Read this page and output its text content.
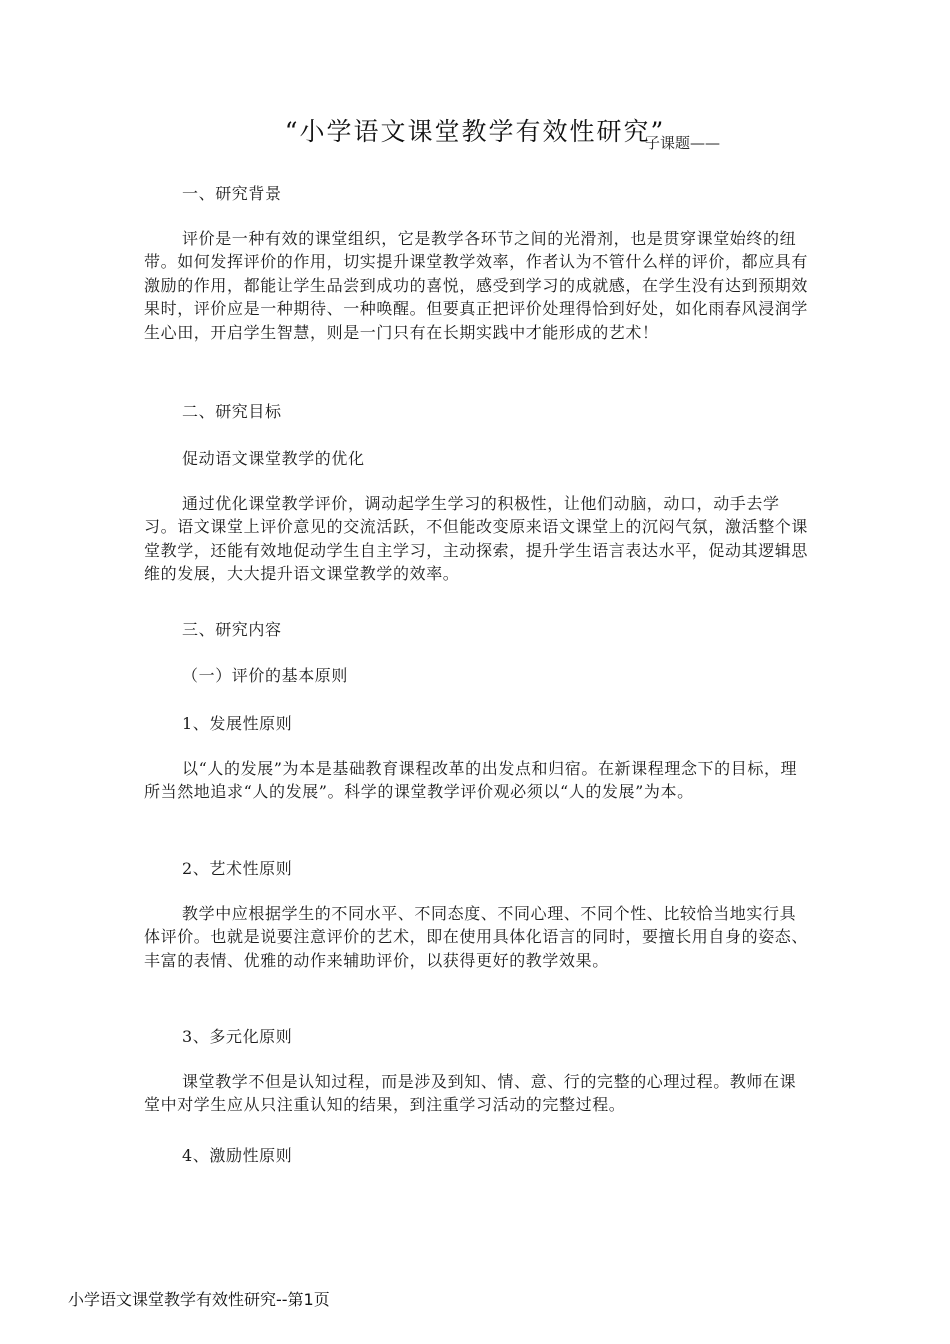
“小学语文课堂教学有效性研究”
子课题——
一、研究背景

评价是一种有效的课堂组织，它是教学各环节之间的光滑剂，也是贯穿课堂始终的纽带。如何发挥评价的作用，切实提升课堂教学效率，作者认为不管什么样的评价，都应具有激励的作用，都能让学生品尝到成功的喜悦，感受到学习的成就感，在学生没有达到预期效果时，评价应是一种期待、一种唤醒。但要真正把评价处理得恰到好处，如化雨春风浸润学生心田，开启学生智慧，则是一门只有在长期实践中才能形成的艺术！

二、研究目标
促动语文课堂教学的优化

通过优化课堂教学评价，调动起学生学习的积极性，让他们动脑，动口，动手去学习。语文课堂上评价意见的交流活跃，不但能改变原来语文课堂上的沉闷气氛，激活整个课堂教学，还能有效地促动学生自主学习，主动探索，提升学生语言表达水平，促动其逻辑思维的发展，大大提升语文课堂教学的效率。

三、研究内容
（一）评价的基本原则
1、发展性原则

以“人的发展”为本是基础教育课程改革的出发点和归宿。在新课程理念下的目标，理所当然地追求“人的发展”。科学的课堂教学评价观必须以“人的发展”为本。

2、艺术性原则

教学中应根据学生的不同水平、不同态度、不同心理、不同个性、比较恰当地实行具体评价。也就是说要注意评价的艺术，即在使用具体化语言的同时，要擅长用自身的姿态、丰富的表情、优雅的动作来辅助评价，以获得更好的教学效果。

3、多元化原则

课堂教学不但是认知过程，而是涉及到知、情、意、行的完整的心理过程。教师在课堂中对学生应从只注重认知的结果，到注重学习活动的完整过程。

4、激励性原则
小学语文课堂教学有效性研究--第1页
